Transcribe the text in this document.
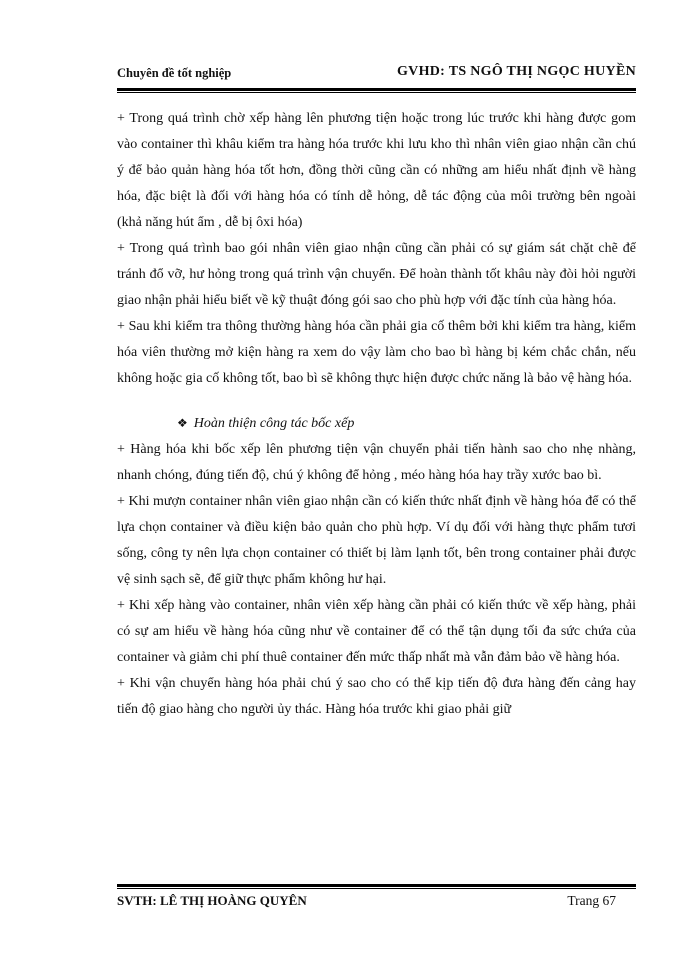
Chuyên đề tốt nghiệp	GVHD: TS NGÔ THỊ NGỌC HUYỀN

+ Trong quá trình chờ xếp hàng lên phương tiện hoặc trong lúc trước khi hàng được gom vào container thì khâu kiểm tra hàng hóa trước khi lưu kho thì nhân viên giao nhận cần chú ý để bảo quản hàng hóa tốt hơn, đồng thời cũng cần có những am hiểu nhất định về hàng hóa, đặc biệt là đối với hàng hóa có tính dễ hỏng, dễ tác động của môi trường bên ngoài (khả năng hút ẩm , dễ bị ôxi hóa)

+ Trong quá trình bao gói nhân viên giao nhận cũng cần phải có sự giám sát chặt chẽ để tránh đổ vỡ, hư hỏng trong quá trình vận chuyển. Để hoàn thành tốt khâu này đòi hỏi người giao nhận phải hiểu biết về kỹ thuật đóng gói sao cho phù hợp với đặc tính của hàng hóa.

+ Sau khi kiểm tra thông thường hàng hóa cần phải gia cố thêm bởi khi kiểm tra hàng, kiểm hóa viên thường mở kiện hàng ra xem do vậy làm cho bao bì hàng bị kém chắc chắn, nếu không hoặc gia cố không tốt, bao bì sẽ không thực hiện được chức năng là bảo vệ hàng hóa.

❖ Hoàn thiện công tác bốc xếp

+ Hàng hóa khi bốc xếp lên phương tiện vận chuyển phải tiến hành sao cho nhẹ nhàng, nhanh chóng, đúng tiến độ, chú ý không để hỏng , méo hàng hóa hay trầy xước bao bì.

+ Khi mượn container nhân viên giao nhận cần có kiến thức nhất định về hàng hóa để có thể lựa chọn container và điều kiện bảo quản cho phù hợp. Ví dụ đối với hàng thực phẩm tươi sống, công ty nên lựa chọn container có thiết bị làm lạnh tốt, bên trong container phải được vệ sinh sạch sẽ, để giữ thực phẩm không hư hại.

+ Khi xếp hàng vào container, nhân viên xếp hàng cần phải có kiến thức về xếp hàng, phải có sự am hiểu về hàng hóa cũng như về container để có thể tận dụng tối đa sức chứa của container và giảm chi phí thuê container đến mức thấp nhất mà vẫn đảm bảo về hàng hóa.

+ Khi vận chuyển hàng hóa phải chú ý sao cho có thể kịp tiến độ đưa hàng đến cảng hay tiến độ giao hàng cho người ủy thác. Hàng hóa trước khi giao phải giữ

SVTH: LÊ THỊ HOÀNG QUYÊN	Trang 67
